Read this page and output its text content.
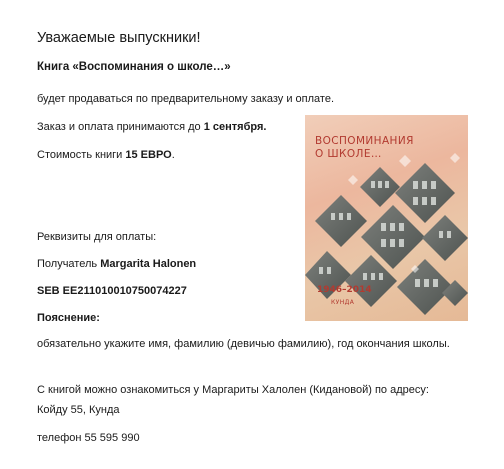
Уважаемые выпускники!
Книга «Воспоминания о школе…»
будет продаваться по предварительному заказу и оплате.
Заказ и оплата принимаются до 1 сентября.
Стоимость книги 15 ЕВРО.
Реквизиты для оплаты:
Получатель Margarita Halonen
SEB EE211010010750074227
Пояснение:
обязательно укажите имя, фамилию (девичью фамилию), год окончания школы.
С книгой можно ознакомиться у Маргариты Халолен (Кидановой) по адресу: Койду 55, Кунда
телефон 55 595 990
ВОСПОМИНАНИЯ
О ШКОЛЕ…
1946–2014
КУНДА
